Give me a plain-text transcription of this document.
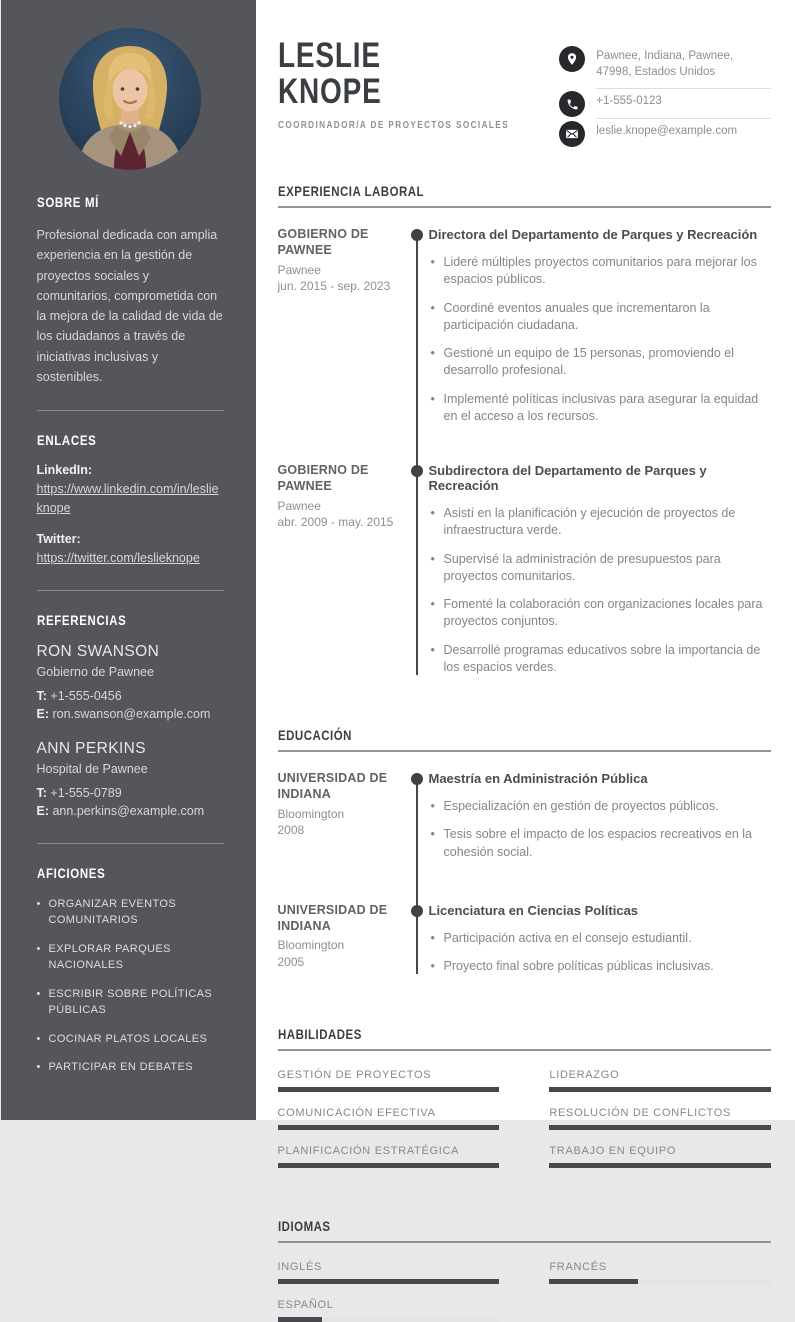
SOBRE MÍ

Profesional dedicada con amplia experiencia en la gestión de proyectos sociales y comunitarios, comprometida con la mejora de la calidad de vida de los ciudadanos a través de iniciativas inclusivas y sostenibles.

ENLACES
LinkedIn:
https://www.linkedin.com/in/leslieknope
Twitter:
https://twitter.com/leslieknope
REFERENCIAS
RON SWANSON
Gobierno de Pawnee
T: +1-555-0456
E: ron.swanson@example.com
ANN PERKINS
Hospital de Pawnee
T: +1-555-0789
E: ann.perkins@example.com
AFICIONES
• ORGANIZAR EVENTOS COMUNITARIOS
• EXPLORAR PARQUES NACIONALES
• ESCRIBIR SOBRE POLÍTICAS PÚBLICAS
• COCINAR PLATOS LOCALES
• PARTICIPAR EN DEBATES
LESLIE
KNOPE
COORDINADOR/A DE PROYECTOS SOCIALES
Pawnee, Indiana, Pawnee, 47998, Estados Unidos
+1-555-0123
leslie.knope@example.com
EXPERIENCIA LABORAL
GOBIERNO DE PAWNEE
Pawnee
jun. 2015 - sep. 2023
Directora del Departamento de Parques y Recreación
• Lideré múltiples proyectos comunitarios para mejorar los espacios públicos.
• Coordiné eventos anuales que incrementaron la participación ciudadana.
• Gestioné un equipo de 15 personas, promoviendo el desarrollo profesional.
• Implementé políticas inclusivas para asegurar la equidad en el acceso a los recursos.
GOBIERNO DE PAWNEE
Pawnee
abr. 2009 - may. 2015
Subdirectora del Departamento de Parques y Recreación
• Asistí en la planificación y ejecución de proyectos de infraestructura verde.
• Supervisé la administración de presupuestos para proyectos comunitarios.
• Fomenté la colaboración con organizaciones locales para proyectos conjuntos.
• Desarrollé programas educativos sobre la importancia de los espacios verdes.
EDUCACIÓN
UNIVERSIDAD DE INDIANA
Bloomington
2008
Maestría en Administración Pública
• Especialización en gestión de proyectos públicos.
• Tesis sobre el impacto de los espacios recreativos en la cohesión social.
UNIVERSIDAD DE INDIANA
Bloomington
2005
Licenciatura en Ciencias Políticas
• Participación activa en el consejo estudiantil.
• Proyecto final sobre políticas públicas inclusivas.
HABILIDADES
GESTIÓN DE PROYECTOS	LIDERAZGO
COMUNICACIÓN EFECTIVA	RESOLUCIÓN DE CONFLICTOS
PLANIFICACIÓN ESTRATÉGICA	TRABAJO EN EQUIPO
IDIOMAS
INGLÉS	FRANCÉS
ESPAÑOL
